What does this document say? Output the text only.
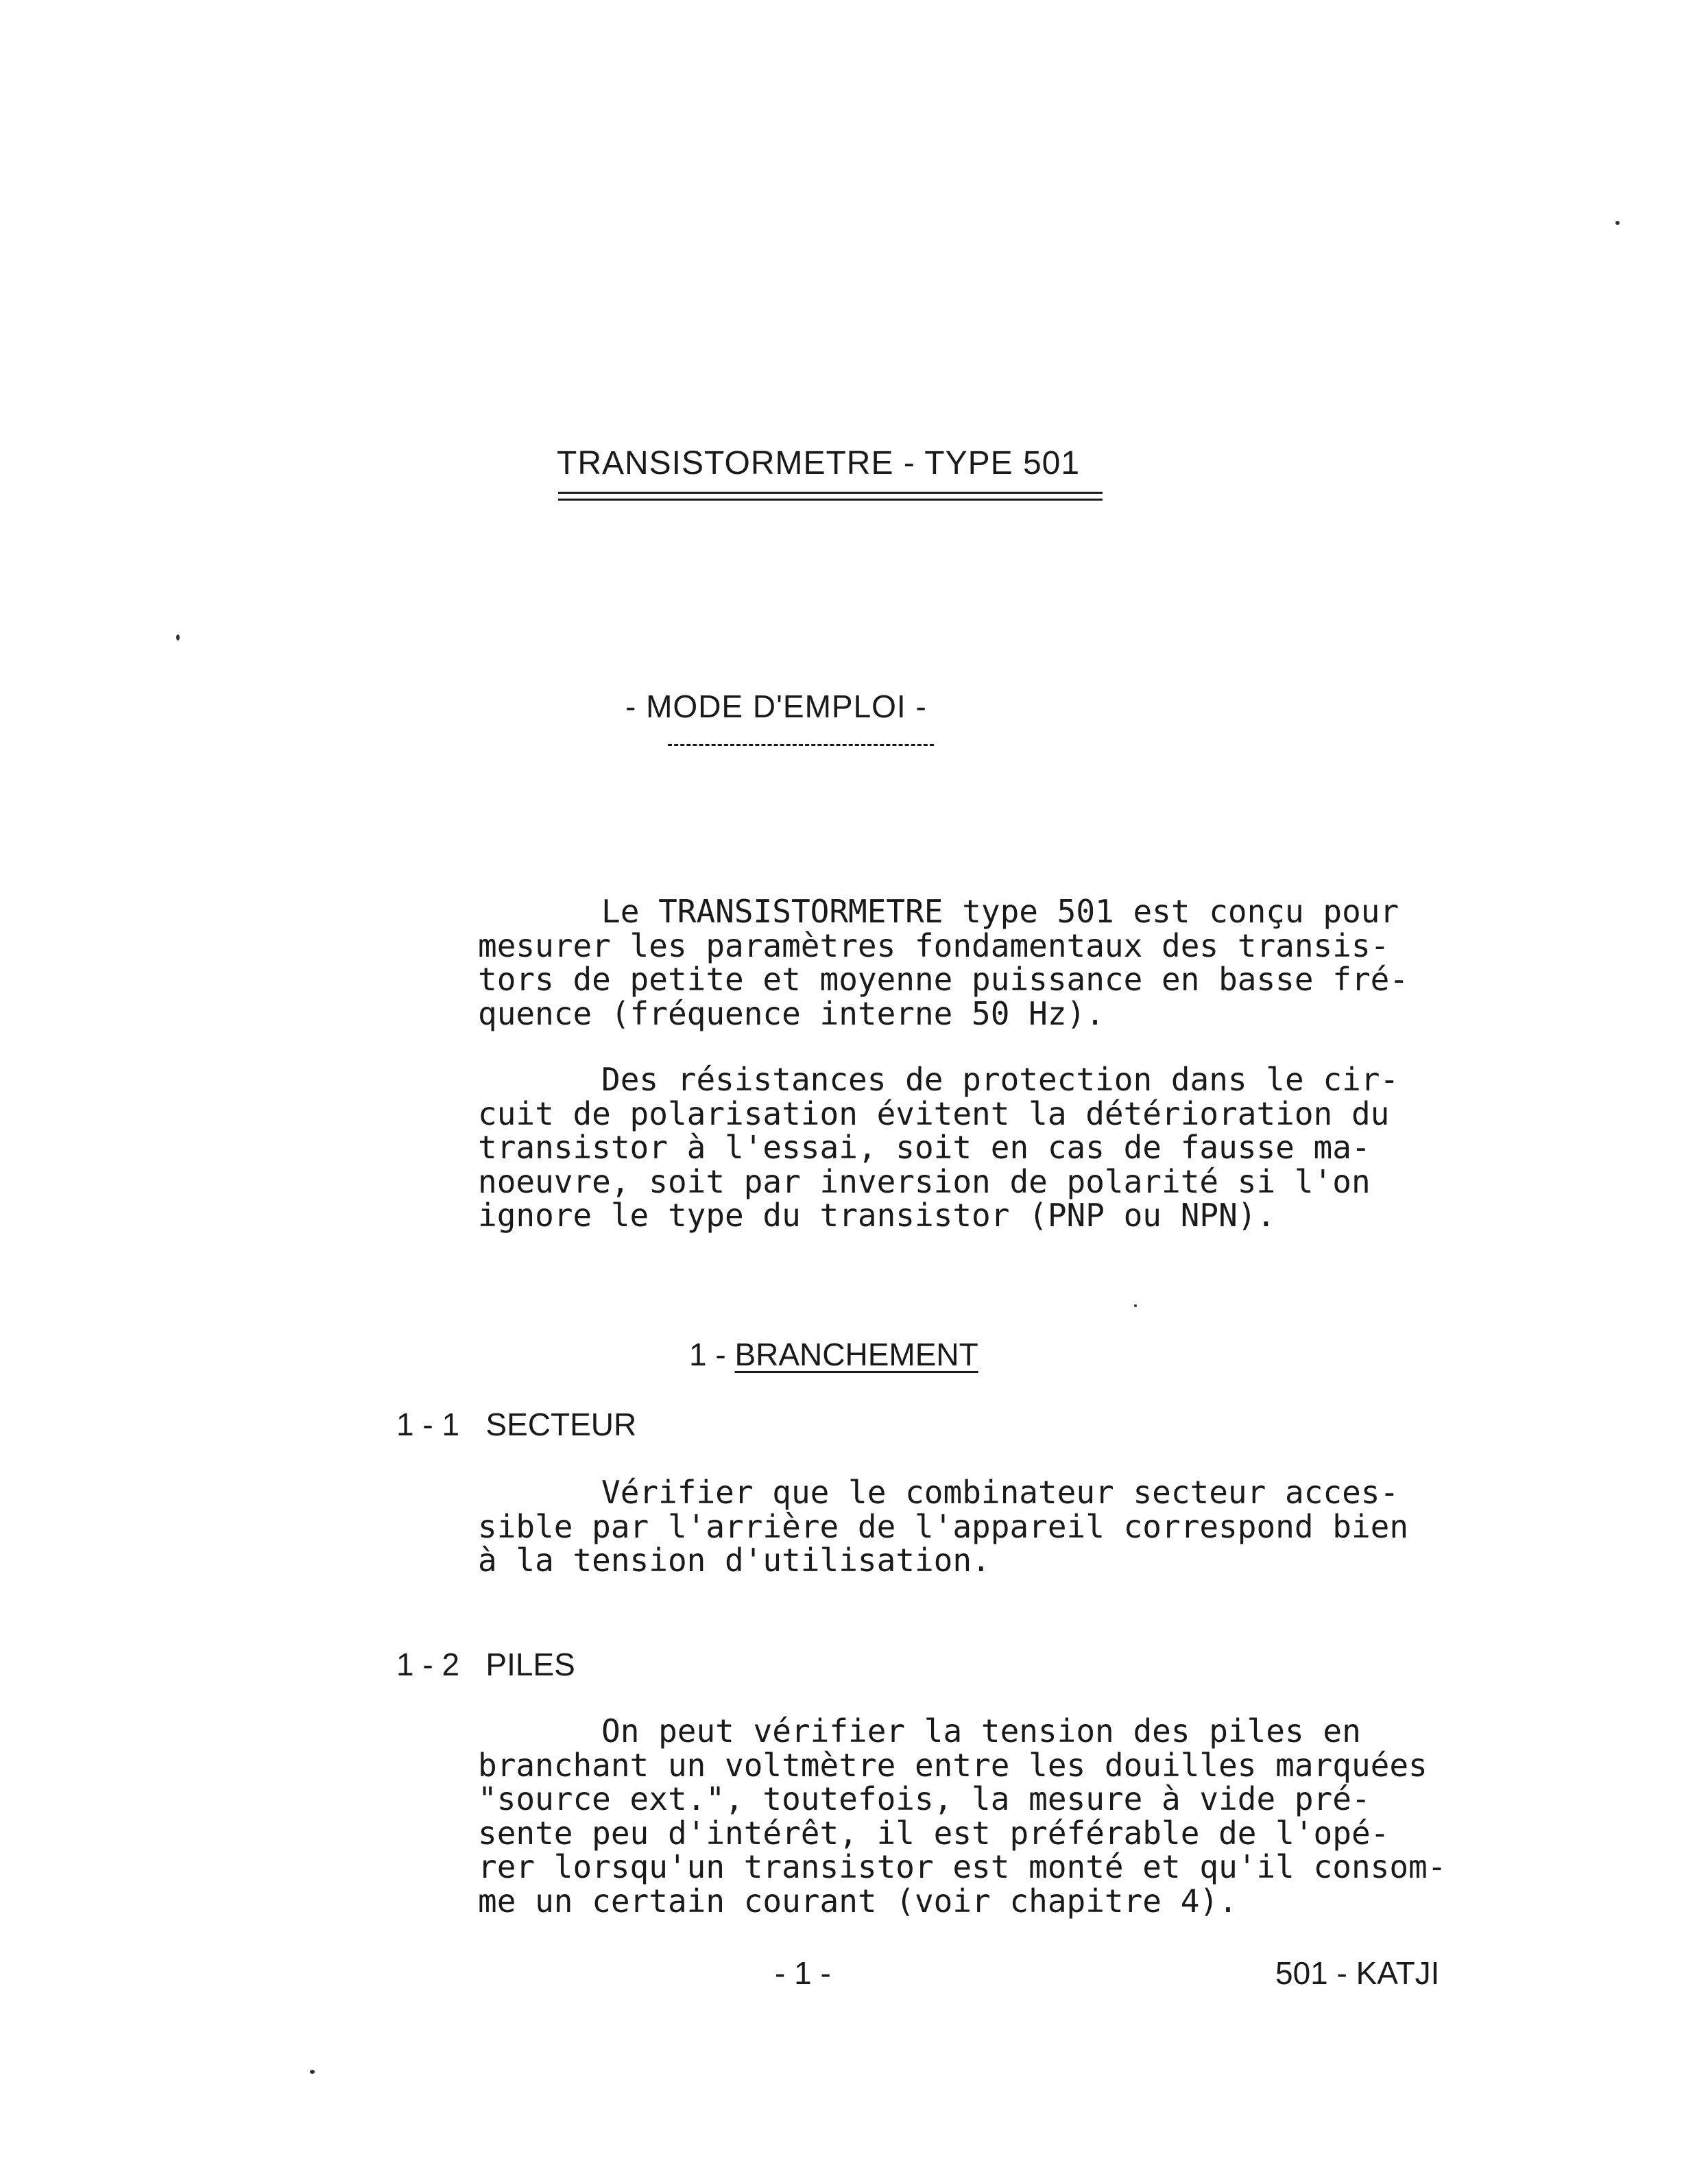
TRANSISTORMETRE - TYPE 501
- MODE D'EMPLOI -
Le TRANSISTORMETRE type 501 est conçu pour
mesurer les paramètres fondamentaux des transis-
tors de petite et moyenne puissance en basse fré-
quence (fréquence interne 50 Hz).
Des résistances de protection dans le cir-
cuit de polarisation évitent la détérioration du
transistor à l'essai, soit en cas de fausse ma-
noeuvre, soit par inversion de polarité si l'on
ignore le type du transistor (PNP ou NPN).
1 - BRANCHEMENT
1 - 1   SECTEUR
Vérifier que le combinateur secteur acces-
sible par l'arrière de l'appareil correspond bien
à la tension d'utilisation.
1 - 2   PILES
On peut vérifier la tension des piles en
branchant un voltmètre entre les douilles marquées
"source ext.", toutefois, la mesure à vide pré-
sente peu d'intérêt, il est préférable de l'opé-
rer lorsqu'un transistor est monté et qu'il consom-
me un certain courant (voir chapitre 4).
- 1 -	501 - KATJI
